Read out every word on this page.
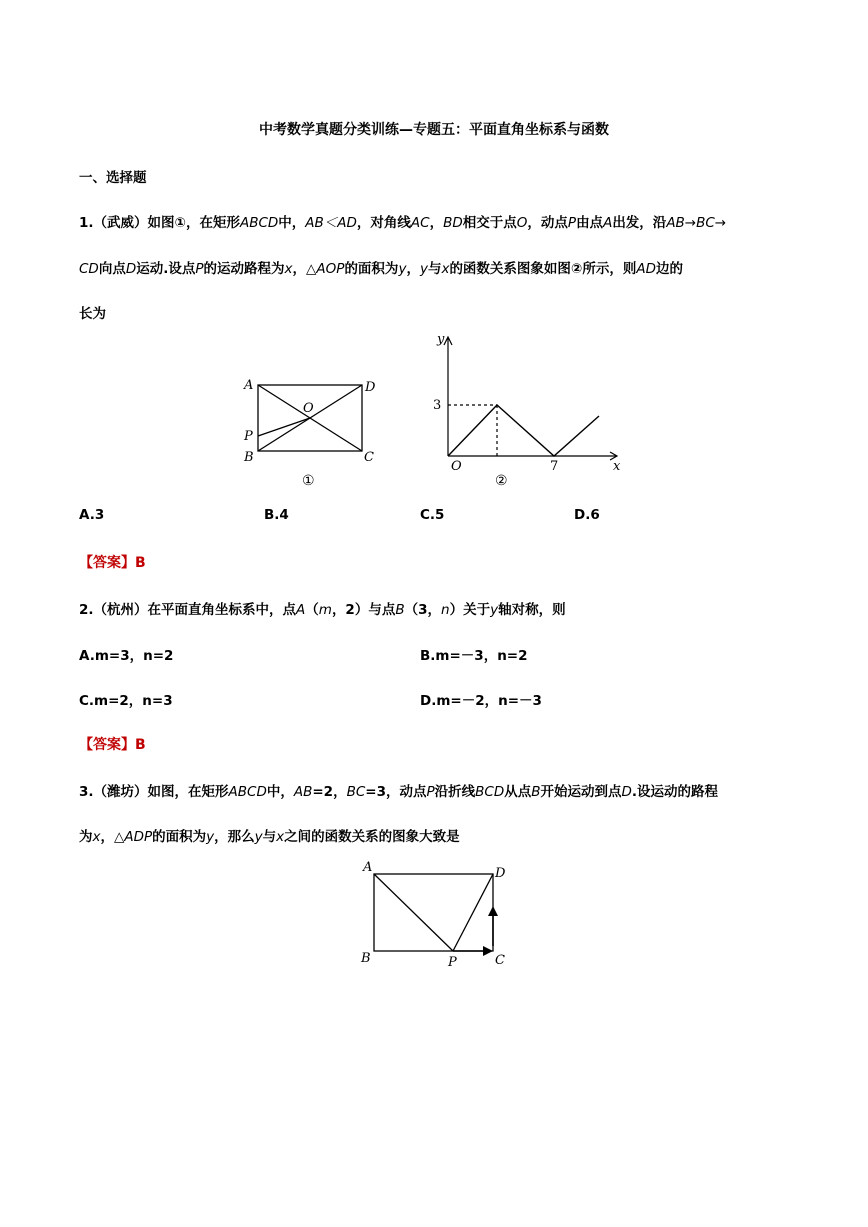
中考数学真题分类训练—专题五：平面直角坐标系与函数
一、选择题
1.（武威）如图①，在矩形ABCD中，AB＜AD，对角线AC，BD相交于点O，动点P由点A出发，沿AB→BC→
CD向点D运动.设点P的运动路程为x，△AOP的面积为y，y与x的函数关系图象如图②所示，则AD边的
长为
A	D
O
P
B	C
①
y
x
O
3
7
②
A.3	B.4	C.5	D.6
【答案】B
2.（杭州）在平面直角坐标系中，点A（m，2）与点B（3，n）关于y轴对称，则
A.m=3，n=2	B.m=－3，n=2
C.m=2，n=3	D.m=－2，n=－3
【答案】B
3.（潍坊）如图，在矩形ABCD中，AB=2，BC=3，动点P沿折线BCD从点B开始运动到点D.设运动的路程
为x，△ADP的面积为y，那么y与x之间的函数关系的图象大致是
A	D
B	P	C
